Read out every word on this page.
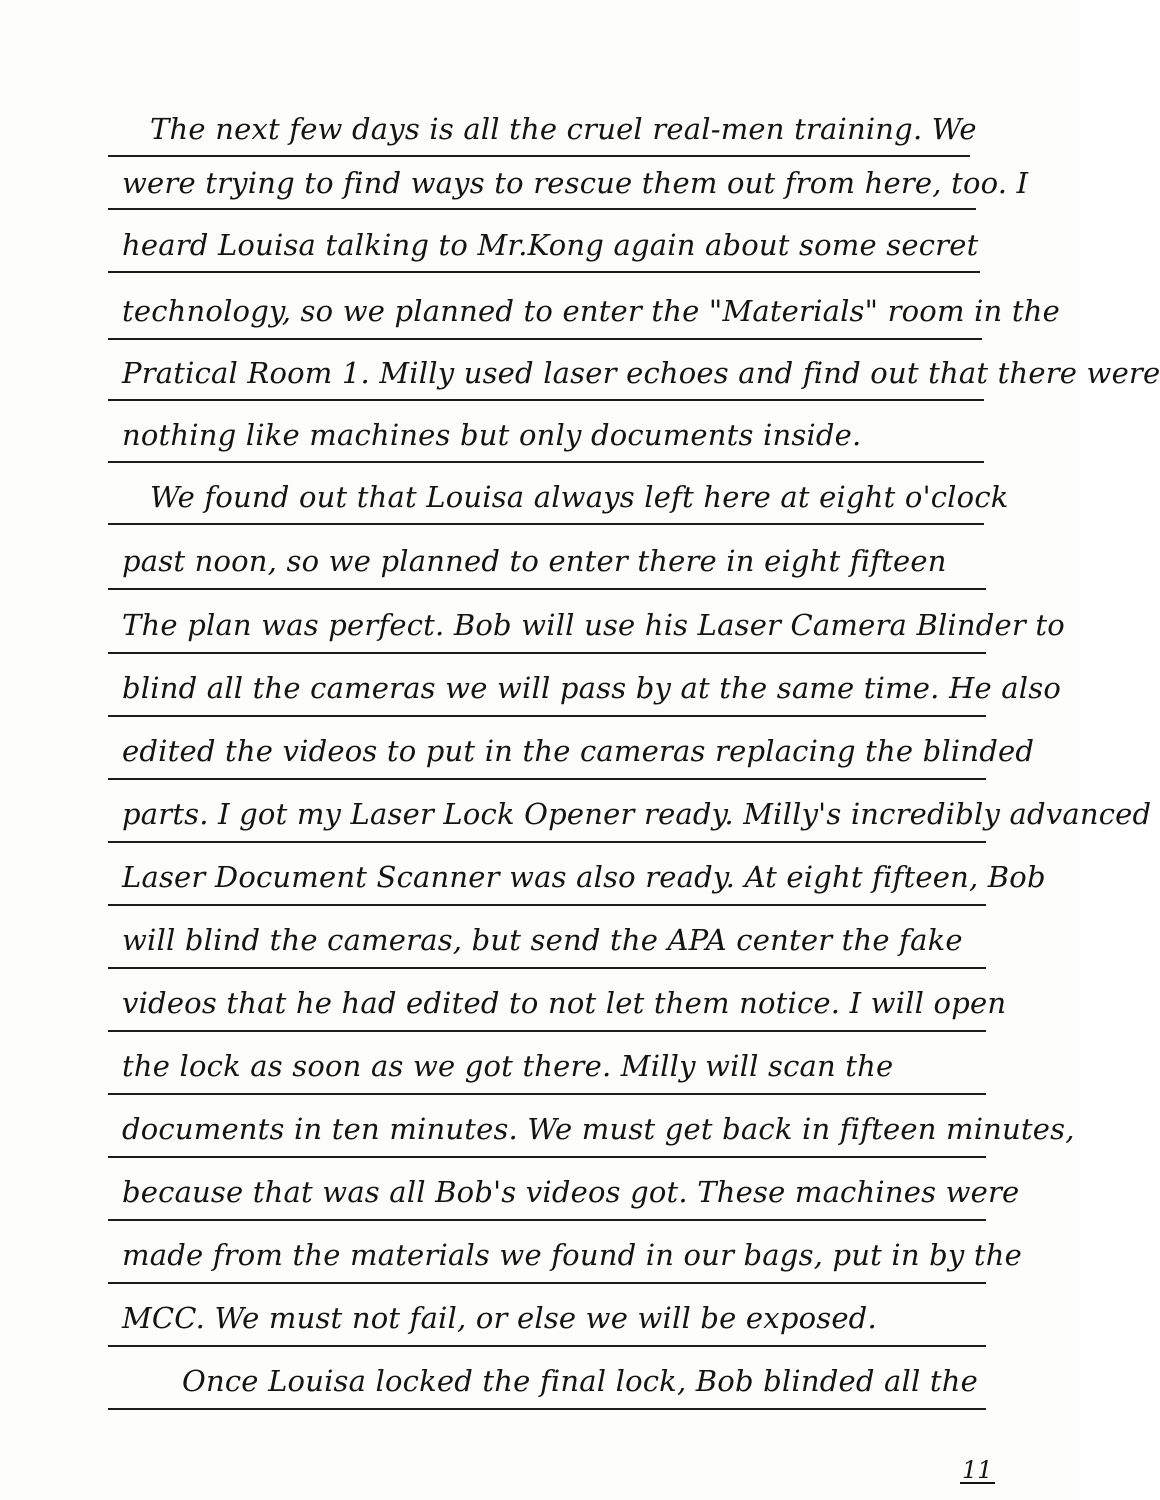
The next few days is all the cruel real-men training. We
were trying to find ways to rescue them out from here, too. I
heard Louisa talking to Mr.Kong again about some secret
technology, so we planned to enter the "Materials" room in the
Pratical Room 1. Milly used laser echoes and find out that there were
nothing like machines but only documents inside.
We found out that Louisa always left here at eight o'clock
past noon, so we planned to enter there in eight fifteen
The plan was perfect. Bob will use his Laser Camera Blinder to
blind all the cameras we will pass by at the same time. He also
edited the videos to put in the cameras replacing the blinded
parts. I got my Laser Lock Opener ready. Milly's incredibly advanced
Laser Document Scanner was also ready. At eight fifteen, Bob
will blind the cameras, but send the APA center the fake
videos that he had edited to not let them notice. I will open
the lock as soon as we got there. Milly will scan the
documents in ten minutes. We must get back in fifteen minutes,
because that was all Bob's videos got. These machines were
made from the materials we found in our bags, put in by the
MCC. We must not fail, or else we will be exposed.
Once Louisa locked the final lock, Bob blinded all the
11
